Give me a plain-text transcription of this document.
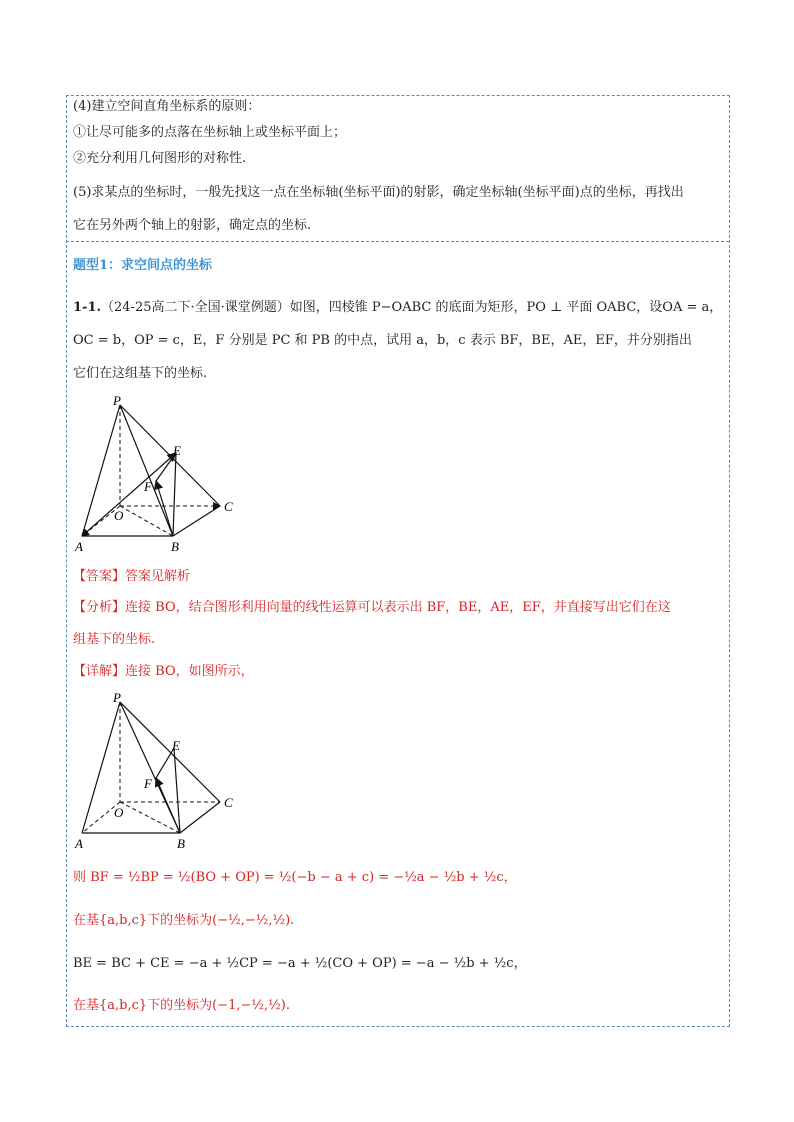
(4)建立空间直角坐标系的原则：
①让尽可能多的点落在坐标轴上或坐标平面上；
②充分利用几何图形的对称性.
(5)求某点的坐标时，一般先找这一点在坐标轴(坐标平面)的射影，确定坐标轴(坐标平面)点的坐标，再找出
它在另外两个轴上的射影，确定点的坐标.
题型1：求空间点的坐标
1-1.（24-25高二下·全国·课堂例题）如图，四棱锥 P−OABC 的底面为矩形，PO ⊥ 平面 OABC，设OA = a，
OC = b，OP = c，E，F 分别是 PC 和 PB 的中点，试用 a，b，c 表示 BF，BE，AE，EF，并分别指出
它们在这组基下的坐标.
P
E
F
O
C
A	B
【答案】答案见解析
【分析】连接 BO，结合图形利用向量的线性运算可以表示出 BF，BE，AE，EF，并直接写出它们在这
组基下的坐标.
【详解】连接 BO，如图所示，
P
E
F
O
C
A	B
则 BF = ½BP = ½(BO + OP) = ½(−b − a + c) = −½a − ½b + ½c，
在基{a,b,c}下的坐标为(−½,−½,½).
BE = BC + CE = −a + ½CP = −a + ½(CO + OP) = −a − ½b + ½c，
在基{a,b,c}下的坐标为(−1,−½,½).
